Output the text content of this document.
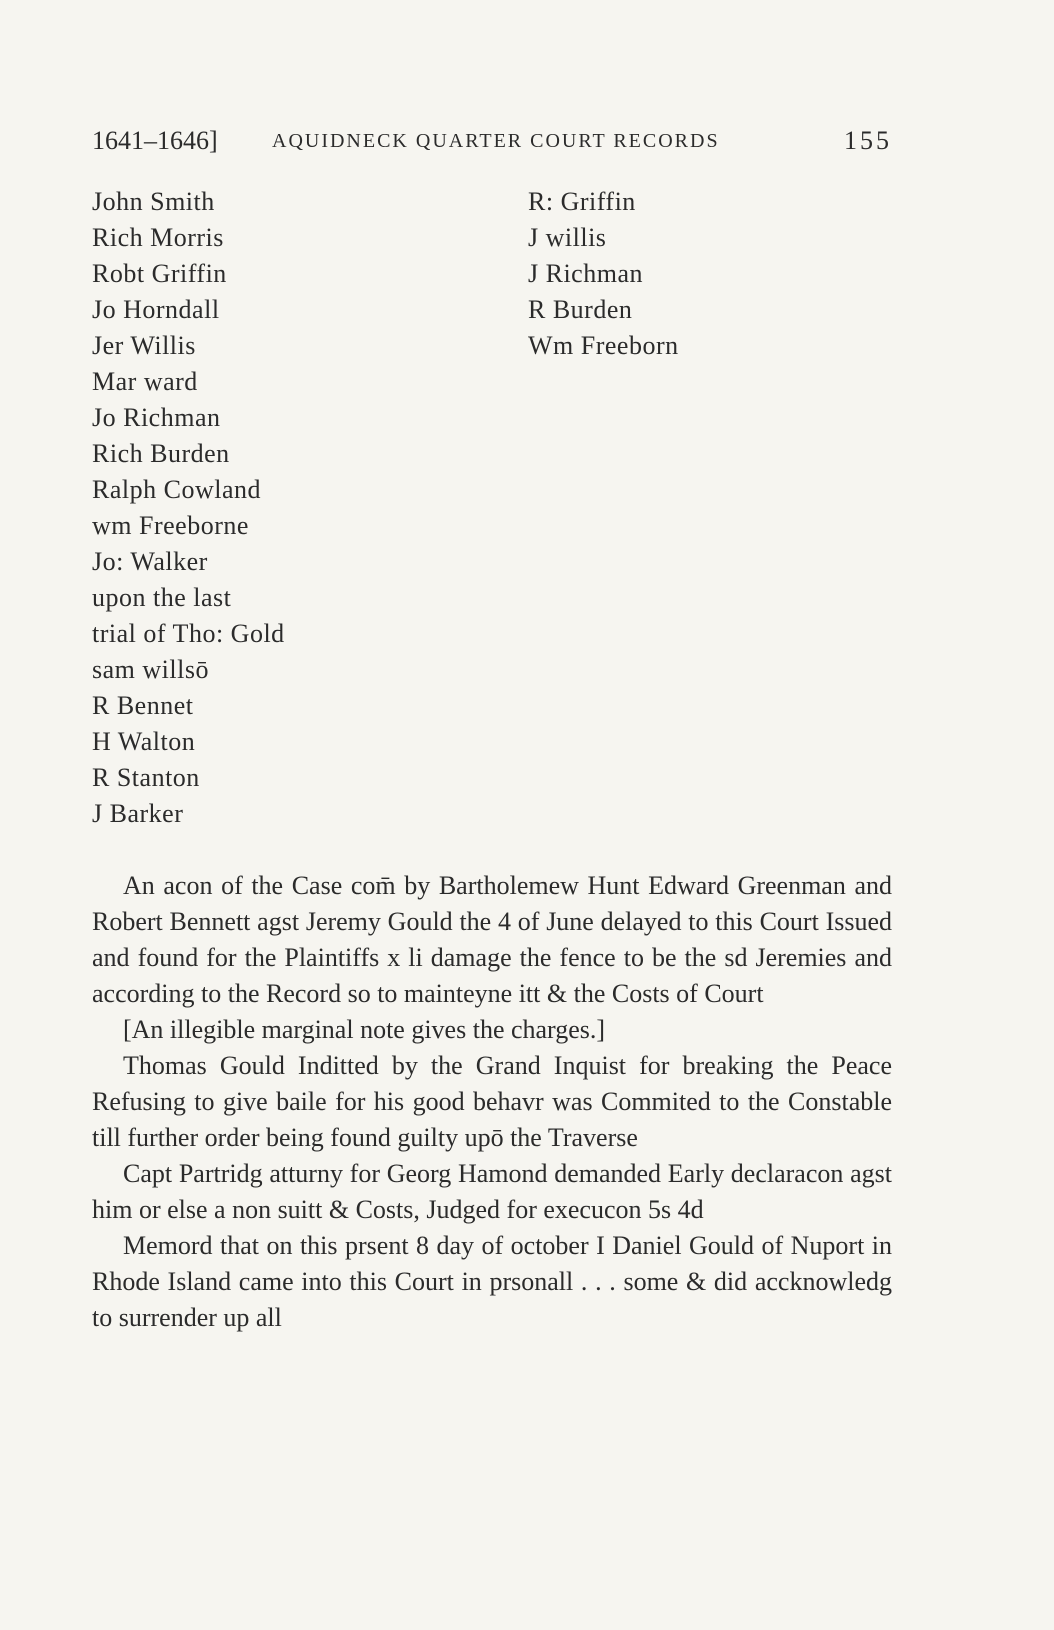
1641–1646]	AQUIDNECK QUARTER COURT RECORDS	155
John Smith
Rich Morris
Robt Griffin
Jo Horndall
Jer Willis
Mar ward
Jo Richman
Rich Burden
Ralph Cowland
wm Freeborne
Jo: Walker
upon the last
trial of Tho: Gold
sam willsō
R Bennet
H Walton
R Stanton
J Barker
R: Griffin
J willis
J Richman
R Burden
Wm Freeborn

An acon of the Case com̄ by Bartholemew Hunt Edward Greenman and Robert Bennett agst Jeremy Gould the 4 of June delayed to this Court Issued and found for the Plaintiffs x li damage the fence to be the sd Jeremies and according to the Record so to mainteyne itt & the Costs of Court

[An illegible marginal note gives the charges.]

Thomas Gould Inditted by the Grand Inquist for breaking the Peace Refusing to give baile for his good behavr was Commited to the Constable till further order being found guilty upō the Traverse

Capt Partridg atturny for Georg Hamond demanded Early declaracon agst him or else a non suitt & Costs, Judged for execucon 5s 4d

Memord that on this prsent 8 day of october I Daniel Gould of Nuport in Rhode Island came into this Court in prsonall . . . some & did accknowledg to surrender up all
